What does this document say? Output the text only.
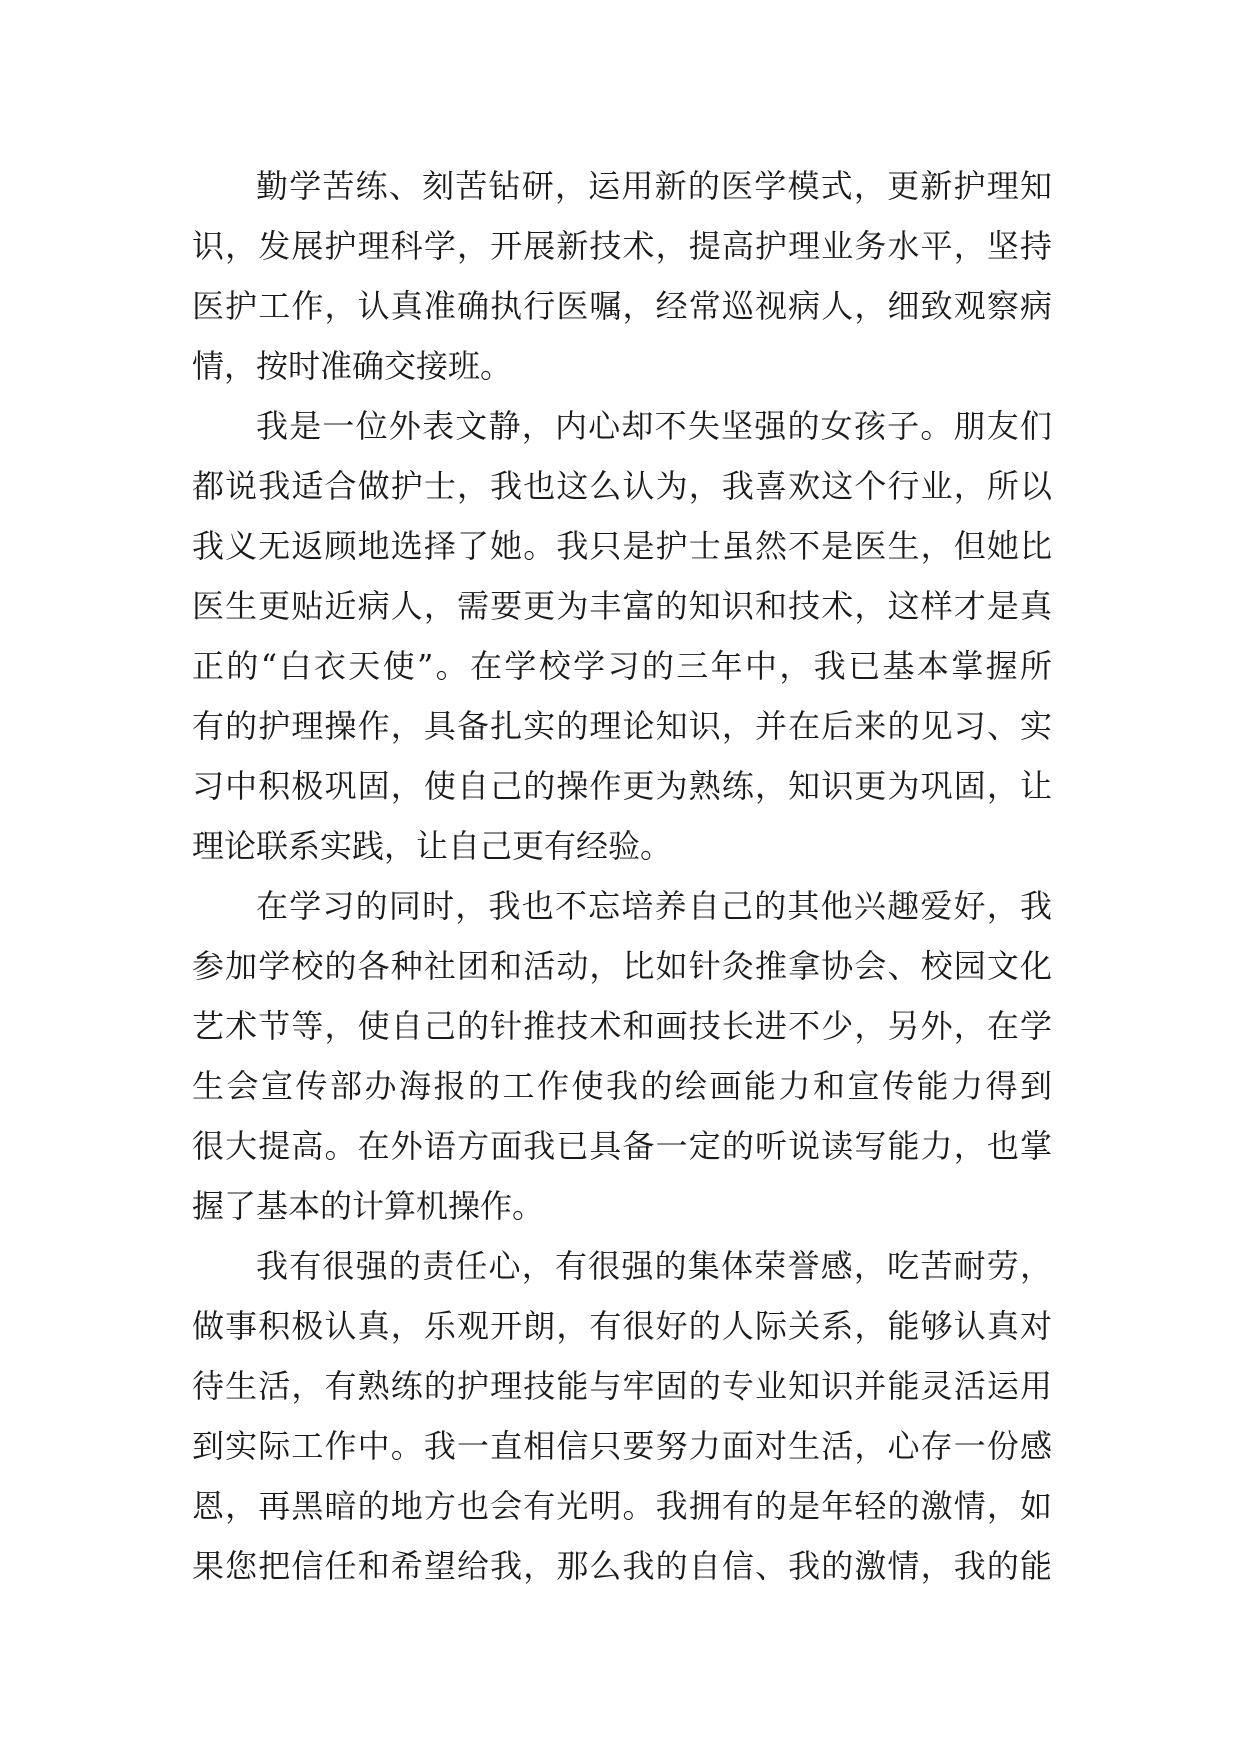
勤学苦练、刻苦钻研，运用新的医学模式，更新护理知
识，发展护理科学，开展新技术，提高护理业务水平，坚持
医护工作，认真准确执行医嘱，经常巡视病人，细致观察病
情，按时准确交接班。
我是一位外表文静，内心却不失坚强的女孩子。朋友们
都说我适合做护士，我也这么认为，我喜欢这个行业，所以
我义无返顾地选择了她。我只是护士虽然不是医生，但她比
医生更贴近病人，需要更为丰富的知识和技术，这样才是真
正的“白衣天使”。在学校学习的三年中，我已基本掌握所
有的护理操作，具备扎实的理论知识，并在后来的见习、实
习中积极巩固，使自己的操作更为熟练，知识更为巩固，让
理论联系实践，让自己更有经验。
在学习的同时，我也不忘培养自己的其他兴趣爱好，我
参加学校的各种社团和活动，比如针灸推拿协会、校园文化
艺术节等，使自己的针推技术和画技长进不少，另外，在学
生会宣传部办海报的工作使我的绘画能力和宣传能力得到
很大提高。在外语方面我已具备一定的听说读写能力，也掌
握了基本的计算机操作。
我有很强的责任心，有很强的集体荣誉感，吃苦耐劳，
做事积极认真，乐观开朗，有很好的人际关系，能够认真对
待生活，有熟练的护理技能与牢固的专业知识并能灵活运用
到实际工作中。我一直相信只要努力面对生活，心存一份感
恩，再黑暗的地方也会有光明。我拥有的是年轻的激情，如
果您把信任和希望给我，那么我的自信、我的激情，我的能
